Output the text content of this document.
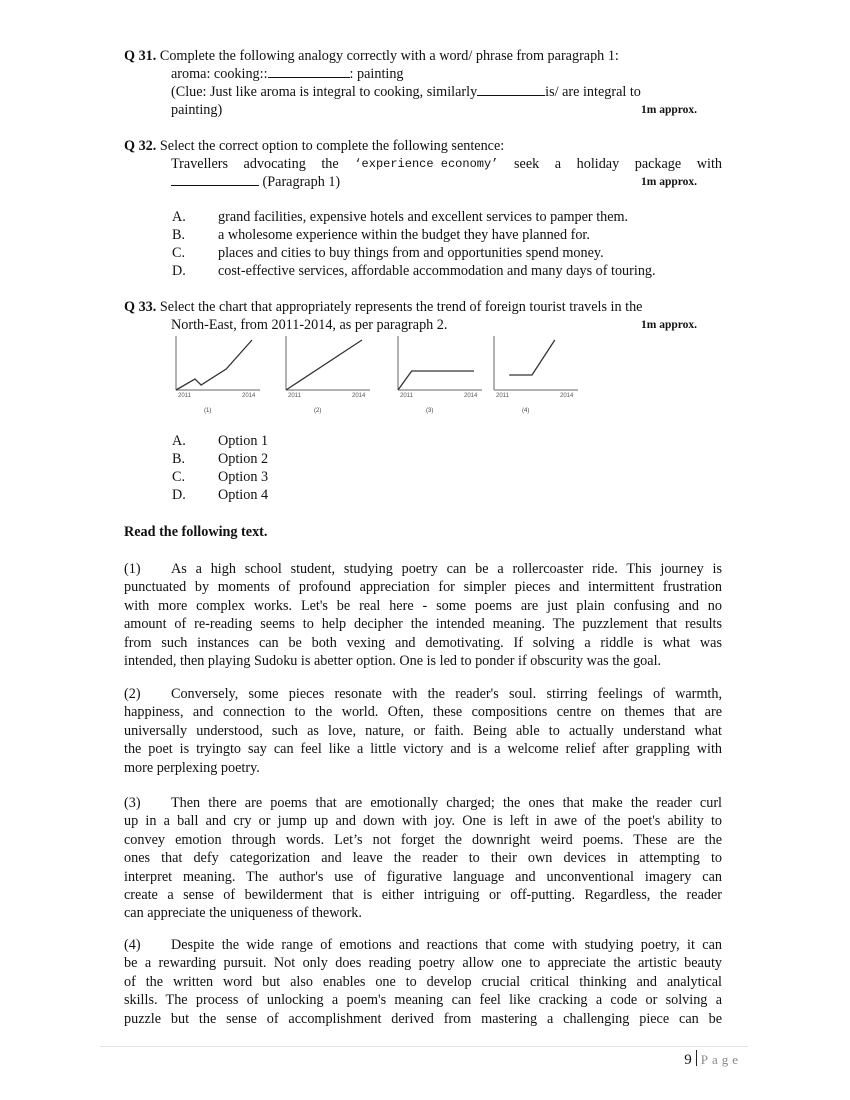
Q 31. Complete the following analogy correctly with a word/ phrase from paragraph 1:
aroma: cooking::	: painting
(Clue: Just like aroma is integral to cooking, similarly	is/ are integral to
painting)	1m approx.
Q 32. Select the correct option to complete the following sentence:
Travellers advocating the ‘experience economy’ seek a holiday package with
(Paragraph 1)	1m approx.
A. grand facilities, expensive hotels and excellent services to pamper them.
B. a wholesome experience within the budget they have planned for.
C. places and cities to buy things from and opportunities spend money.
D. cost-effective services, affordable accommodation and many days of touring.
Q 33. Select the chart that appropriately represents the trend of foreign tourist travels in the
North-East, from 2011-2014, as per paragraph 2.	1m approx.
2011	2014
(1)
2011	2014
(2)
2011	2014
(3)
2011	2014
(4)
A. Option 1
B. Option 2
C. Option 3
D. Option 4
Read the following text.
(1)	As a high school student, studying poetry can be a rollercoaster ride. This journey is
punctuated by moments of profound appreciation for simpler pieces and intermittent frustration
with more complex works. Let's be real here - some poems are just plain confusing and no
amount of re-reading seems to help decipher the intended meaning. The puzzlement that results
from such instances can be both vexing and demotivating. If solving a riddle is what was
intended, then playing Sudoku is abetter option. One is led to ponder if obscurity was the goal.
(2)	Conversely, some pieces resonate with the reader's soul. stirring feelings of warmth,
happiness, and connection to the world. Often, these compositions centre on themes that are
universally understood, such as love, nature, or faith. Being able to actually understand what
the poet is tryingto say can feel like a little victory and is a welcome relief after grappling with
more perplexing poetry.
(3)	Then there are poems that are emotionally charged; the ones that make the reader curl
up in a ball and cry or jump up and down with joy. One is left in awe of the poet's ability to
convey emotion through words. Let’s not forget the downright weird poems. These are the
ones that defy categorization and leave the reader to their own devices in attempting to
interpret meaning. The author's use of figurative language and unconventional imagery can
create a sense of bewilderment that is either intriguing or off-putting. Regardless, the reader
can appreciate the uniqueness of thework.
(4)	Despite the wide range of emotions and reactions that come with studying poetry, it can
be a rewarding pursuit. Not only does reading poetry allow one to appreciate the artistic beauty
of the written word but also enables one to develop crucial critical thinking and analytical
skills. The process of unlocking a poem's meaning can feel like cracking a code or solving a
puzzle but the sense of accomplishment derived from mastering a challenging piece can be
9 Page
